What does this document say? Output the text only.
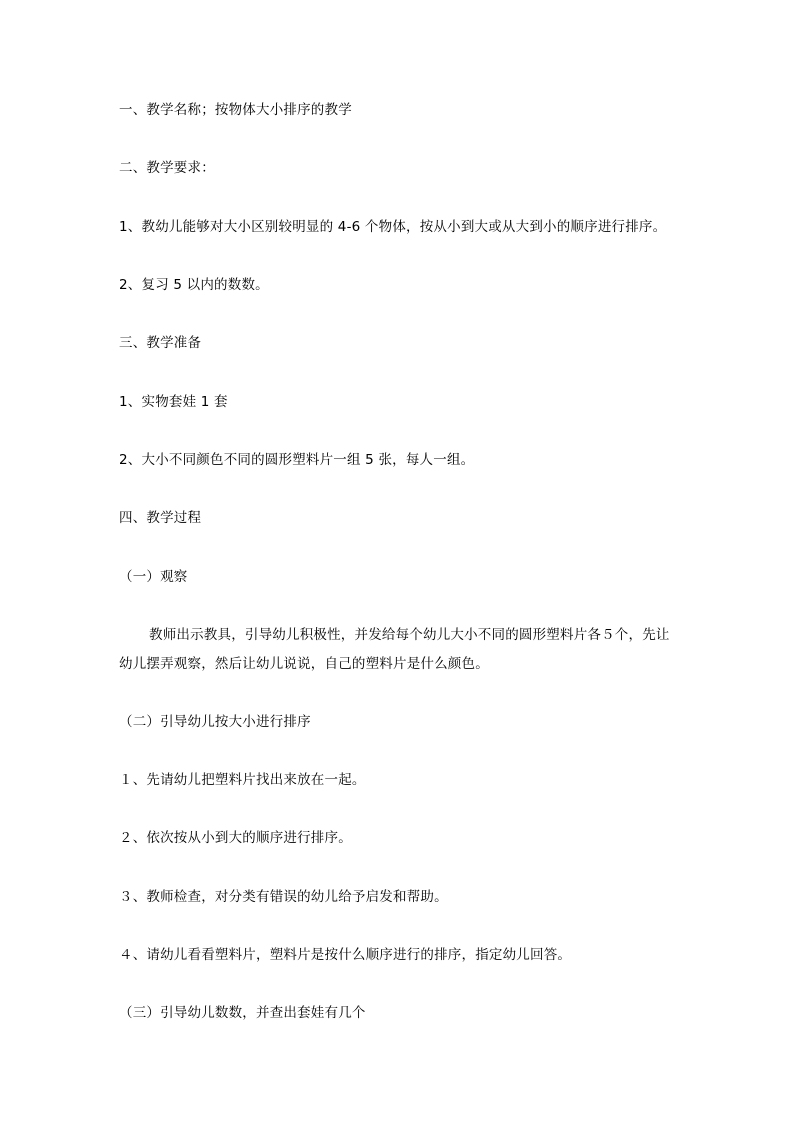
一、教学名称；按物体大小排序的教学
二、教学要求：
1、教幼儿能够对大小区别较明显的 4-6 个物体，按从小到大或从大到小的顺序进行排序。
2、复习 5 以内的数数。
三、教学准备
1、实物套娃 1 套
2、大小不同颜色不同的圆形塑料片一组 5 张，每人一组。
四、教学过程
（一）观察
教师出示教具，引导幼儿积极性，并发给每个幼儿大小不同的圆形塑料片各５个，先让
幼儿摆弄观察，然后让幼儿说说，自己的塑料片是什么颜色。
（二）引导幼儿按大小进行排序
１、先请幼儿把塑料片找出来放在一起。
２、依次按从小到大的顺序进行排序。
３、教师检查，对分类有错误的幼儿给予启发和帮助。
４、请幼儿看看塑料片，塑料片是按什么顺序进行的排序，指定幼儿回答。
（三）引导幼儿数数，并查出套娃有几个
